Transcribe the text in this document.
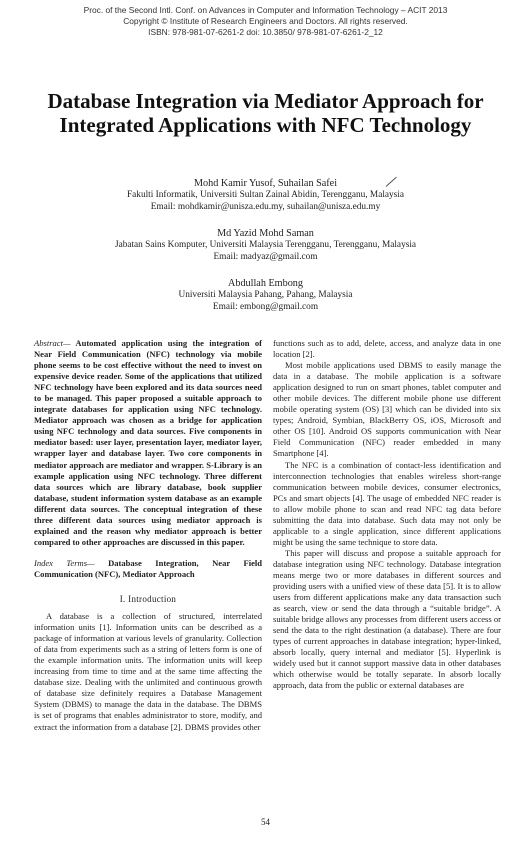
Proc. of the Second Intl. Conf. on Advances in Computer and Information Technology – ACIT 2013
Copyright © Institute of Research Engineers and Doctors. All rights reserved.
ISBN: 978-981-07-6261-2 doi: 10.3850/ 978-981-07-6261-2_12
Database Integration via Mediator Approach for Integrated Applications with NFC Technology
Mohd Kamir Yusof, Suhailan Safei
Fakulti Informatik, Universiti Sultan Zainal Abidin, Terengganu, Malaysia
Email: mohdkamir@unisza.edu.my, suhailan@unisza.edu.my
Md Yazid Mohd Saman
Jabatan Sains Komputer, Universiti Malaysia Terengganu, Terengganu, Malaysia
Email: madyaz@gmail.com
Abdullah Embong
Universiti Malaysia Pahang, Pahang, Malaysia
Email: embong@gmail.com

Abstract— Automated application using the integration of Near Field Communication (NFC) technology via mobile phone seems to be cost effective without the need to invest on expensive device reader. Some of the applications that utilized NFC technology have been explored and its data sources need to be managed. This paper proposed a suitable approach to integrate databases for application using NFC technology. Mediator approach was chosen as a bridge for application using NFC technology and data sources. Five components in mediator based: user layer, presentation layer, mediator layer, wrapper layer and database layer. Two core components in mediator approach are mediator and wrapper. S-Library is an example application using NFC technology. Three different data sources which are library database, book supplier database, student information system database as an example different data sources. The conceptual integration of these three different data sources using mediator approach is explained and the reason why mediator approach is better compared to other approaches are discussed in this paper.

Index Terms— Database Integration, Near Field Communication (NFC), Mediator Approach

I. Introduction

A database is a collection of structured, interrelated information units [1]. Information units can be described as a package of information at various levels of granularity. Collection of data from experiments such as a string of letters form is one of the example information units. The information units will keep increasing from time to time and at the same time affecting the database size. Dealing with the unlimited and continuous growth of database size definitely requires a Database Management System (DBMS) to manage the data in the database. The DBMS is set of programs that enables administrator to store, modify, and extract the information from a database [2]. DBMS provides other

functions such as to add, delete, access, and analyze data in one location [2].

Most mobile applications used DBMS to easily manage the data in a database. The mobile application is a software application designed to run on smart phones, tablet computer and other mobile devices. The different mobile phone use different mobile operating system (OS) [3] which can be divided into six types; Android, Symbian, BlackBerry OS, iOS, Microsoft and other OS [10]. Android OS supports communication with Near Field Communication (NFC) reader embedded in many Smartphone [4].

The NFC is a combination of contact-less identification and interconnection technologies that enables wireless short-range communication between mobile devices, consumer electronics, PCs and smart objects [4]. The usage of embedded NFC reader is to allow mobile phone to scan and read NFC tag data before submitting the data into database. Such data may not only be applicable to a single application, since different applications might be using the same technique to store data.

This paper will discuss and propose a suitable approach for database integration using NFC technology. Database integration means merge two or more databases in different sources and providing users with a unified view of these data [5]. It is to allow users from different applications make any data transaction such as search, view or send the data through a “suitable bridge”. A suitable bridge allows any processes from different users access or send the data to the right destination (a database). There are four types of current approaches in database integration; hyper-linked, absorb locally, query internal and mediator [5]. Hyperlink is widely used but it cannot support massive data in other databases which otherwise would be totally separate. In absorb locally approach, data from the public or external databases are

54
